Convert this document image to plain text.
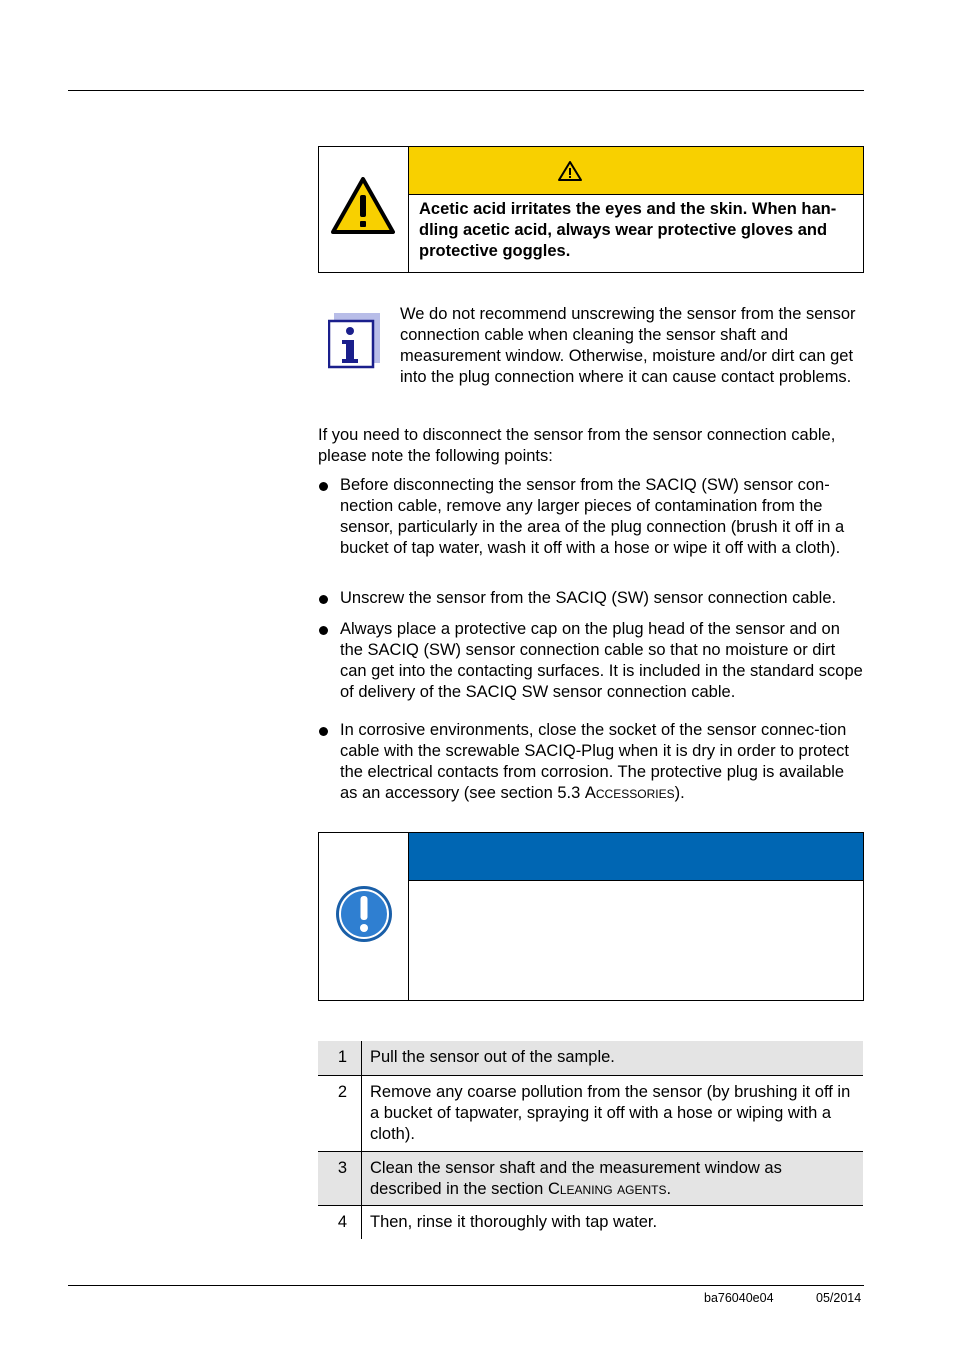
Acetic acid irritates the eyes and the skin. When han-dling acetic acid, always wear protective gloves and protective goggles.
We do not recommend unscrewing the sensor from the sensor connection cable when cleaning the sensor shaft and measurement window. Otherwise, moisture and/or dirt can get into the plug connection where it can cause contact problems.
If you need to disconnect the sensor from the sensor connection cable, please note the following points:
Before disconnecting the sensor from the SACIQ (SW) sensor con-nection cable, remove any larger pieces of contamination from the sensor, particularly in the area of the plug connection (brush it off in a bucket of tap water, wash it off with a hose or wipe it off with a cloth).
Unscrew the sensor from the SACIQ (SW) sensor connection cable.
Always place a protective cap on the plug head of the sensor and on the SACIQ (SW) sensor connection cable so that no moisture or dirt can get into the contacting surfaces. It is included in the standard scope of delivery of the SACIQ SW sensor connection cable.
In corrosive environments, close the socket of the sensor connec-tion cable with the screwable SACIQ-Plug when it is dry in order to protect the electrical contacts from corrosion. The protective plug is available as an accessory (see section 5.3 Accessories).
1 Pull the sensor out of the sample.
2 Remove any coarse pollution from the sensor (by brushing it off in a bucket of tapwater, spraying it off with a hose or wiping with a cloth).
3 Clean the sensor shaft and the measurement window as described in the section Cleaning agents.
4 Then, rinse it thoroughly with tap water.
ba76040e04	05/2014
